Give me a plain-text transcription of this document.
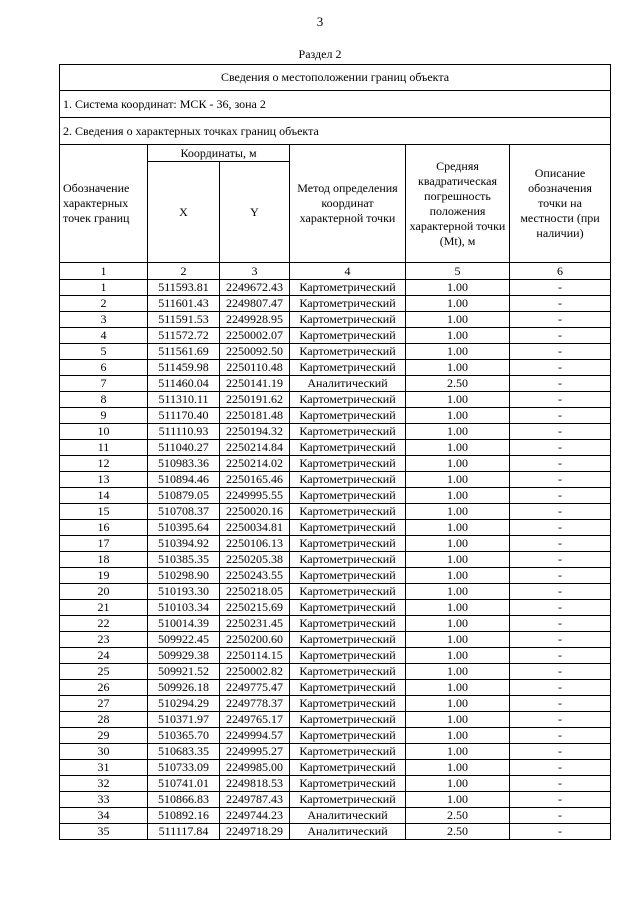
3
Раздел 2
Сведения о местоположении границ объекта					
1. Система координат: МСК - 36, зона 2					
2. Сведения о характерных точках границ объекта					
Обозначение характерных точек границ	Координаты, м		Метод определения координат характерной точки	Средняя квадратическая погрешность положения характерной точки (Mt), м	Описание обозначения точки на местности (при наличии)
	X	Y			
1	2	3	4	5	6
1	511593.81	2249672.43	Картометрический	1.00	-
2	511601.43	2249807.47	Картометрический	1.00	-
3	511591.53	2249928.95	Картометрический	1.00	-
4	511572.72	2250002.07	Картометрический	1.00	-
5	511561.69	2250092.50	Картометрический	1.00	-
6	511459.98	2250110.48	Картометрический	1.00	-
7	511460.04	2250141.19	Аналитический	2.50	-
8	511310.11	2250191.62	Картометрический	1.00	-
9	511170.40	2250181.48	Картометрический	1.00	-
10	511110.93	2250194.32	Картометрический	1.00	-
11	511040.27	2250214.84	Картометрический	1.00	-
12	510983.36	2250214.02	Картометрический	1.00	-
13	510894.46	2250165.46	Картометрический	1.00	-
14	510879.05	2249995.55	Картометрический	1.00	-
15	510708.37	2250020.16	Картометрический	1.00	-
16	510395.64	2250034.81	Картометрический	1.00	-
17	510394.92	2250106.13	Картометрический	1.00	-
18	510385.35	2250205.38	Картометрический	1.00	-
19	510298.90	2250243.55	Картометрический	1.00	-
20	510193.30	2250218.05	Картометрический	1.00	-
21	510103.34	2250215.69	Картометрический	1.00	-
22	510014.39	2250231.45	Картометрический	1.00	-
23	509922.45	2250200.60	Картометрический	1.00	-
24	509929.38	2250114.15	Картометрический	1.00	-
25	509921.52	2250002.82	Картометрический	1.00	-
26	509926.18	2249775.47	Картометрический	1.00	-
27	510294.29	2249778.37	Картометрический	1.00	-
28	510371.97	2249765.17	Картометрический	1.00	-
29	510365.70	2249994.57	Картометрический	1.00	-
30	510683.35	2249995.27	Картометрический	1.00	-
31	510733.09	2249985.00	Картометрический	1.00	-
32	510741.01	2249818.53	Картометрический	1.00	-
33	510866.83	2249787.43	Картометрический	1.00	-
34	510892.16	2249744.23	Аналитический	2.50	-
35	511117.84	2249718.29	Аналитический	2.50	-
